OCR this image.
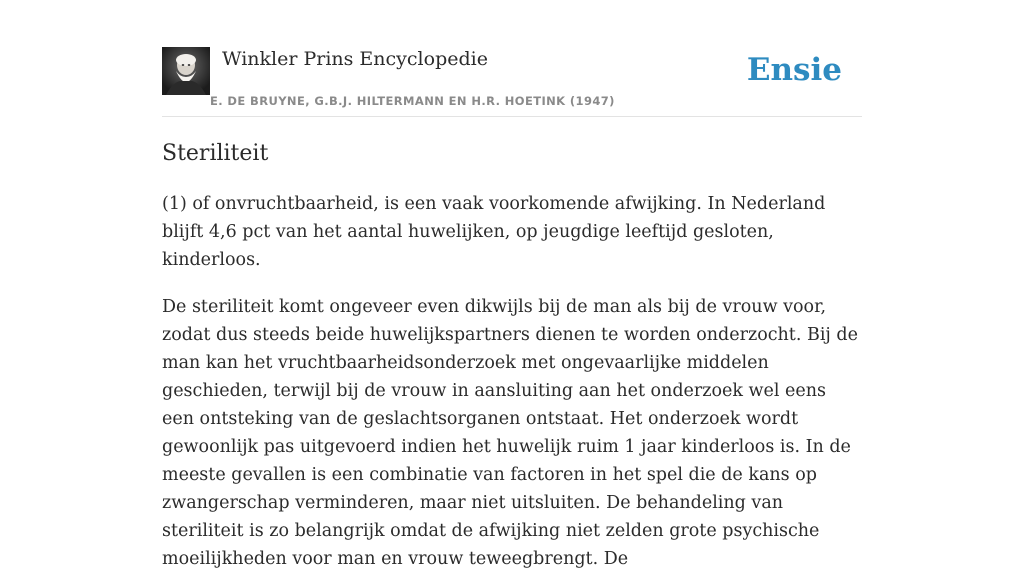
Winkler Prins Encyclopedie
E. DE BRUYNE, G.B.J. HILTERMANN EN H.R. HOETINK (1947)
Ensie
Steriliteit

(1) of onvruchtbaarheid, is een vaak voorkomende afwijking. In Nederland blijft 4,6 pct van het aantal huwelijken, op jeugdige leeftijd gesloten, kinderloos.

De steriliteit komt ongeveer even dikwijls bij de man als bij de vrouw voor, zodat dus steeds beide huwelijkspartners dienen te worden onderzocht. Bij de man kan het vruchtbaarheidsonderzoek met ongevaarlijke middelen geschieden, terwijl bij de vrouw in aansluiting aan het onderzoek wel eens een ontsteking van de geslachtsorganen ontstaat. Het onderzoek wordt gewoonlijk pas uitgevoerd indien het huwelijk ruim 1 jaar kinderloos is. In de meeste gevallen is een combinatie van factoren in het spel die de kans op zwangerschap verminderen, maar niet uitsluiten. De behandeling van steriliteit is zo belangrijk omdat de afwijking niet zelden grote psychische moeilijkheden voor man en vrouw teweegbrengt. De
